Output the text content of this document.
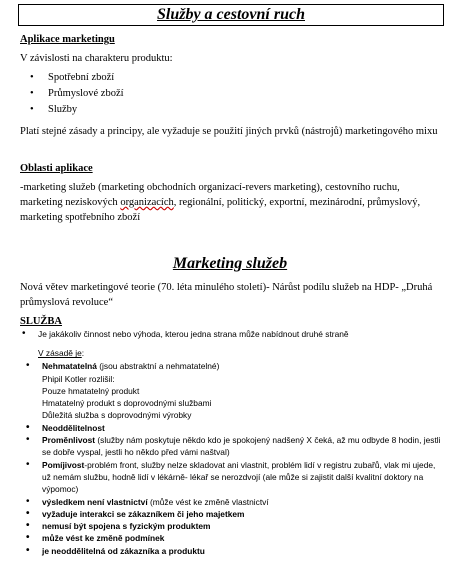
Služby a cestovní ruch
Aplikace marketingu

V závislosti na charakteru produktu:

• Spotřební zboží
• Průmyslové zboží
• Služby

Platí stejné zásady a principy, ale vyžaduje se použití jiných prvků (nástrojů) marketingového mixu

Oblasti aplikace

-marketing služeb (marketing obchodních organizací-revers marketing), cestovního ruchu, marketing neziskových organizacích, regionální, politický, exportní, mezinárodní, průmyslový, marketing spotřebního zboží

Marketing služeb

Nová větev marketingové teorie (70. léta minulého století)- Nárůst podílu služeb na HDP- „Druhá průmyslová revoluce“

SLUŽBA
• Je jakákoliv činnost nebo výhoda, kterou jedna strana může nabídnout druhé straně
V zásadě je:
• Nehmatatelná (jsou abstraktní a nehmatatelné)
Phipil Kotler rozlišil:
Pouze hmatatelný produkt
Hmatatelný produkt s doprovodnými službami
Důležitá služba s doprovodnými výrobky
• Neoddělitelnost
• Proměnlivost (služby nám poskytuje někdo kdo je spokojený nadšený X čeká, až mu odbyde 8 hodin, jestli se dobře vyspal, jestli ho někdo před vámi naštval)
• Pomíjivost-problém front, služby nelze skladovat ani vlastnit, problém lidí v registru zubařů, vlak mi ujede, už nemám službu, hodně lidí v lékárně- lékař se nerozdvojí (ale může si zajistit další kvalitní doktory na výpomoc)
• výsledkem není vlastnictví (může vést ke změně vlastnictví
• vyžaduje interakci se zákazníkem či jeho majetkem
• nemusí být spojena s fyzickým produktem
• může vést ke změně podmínek
• je neoddělitelná od zákazníka a produktu
